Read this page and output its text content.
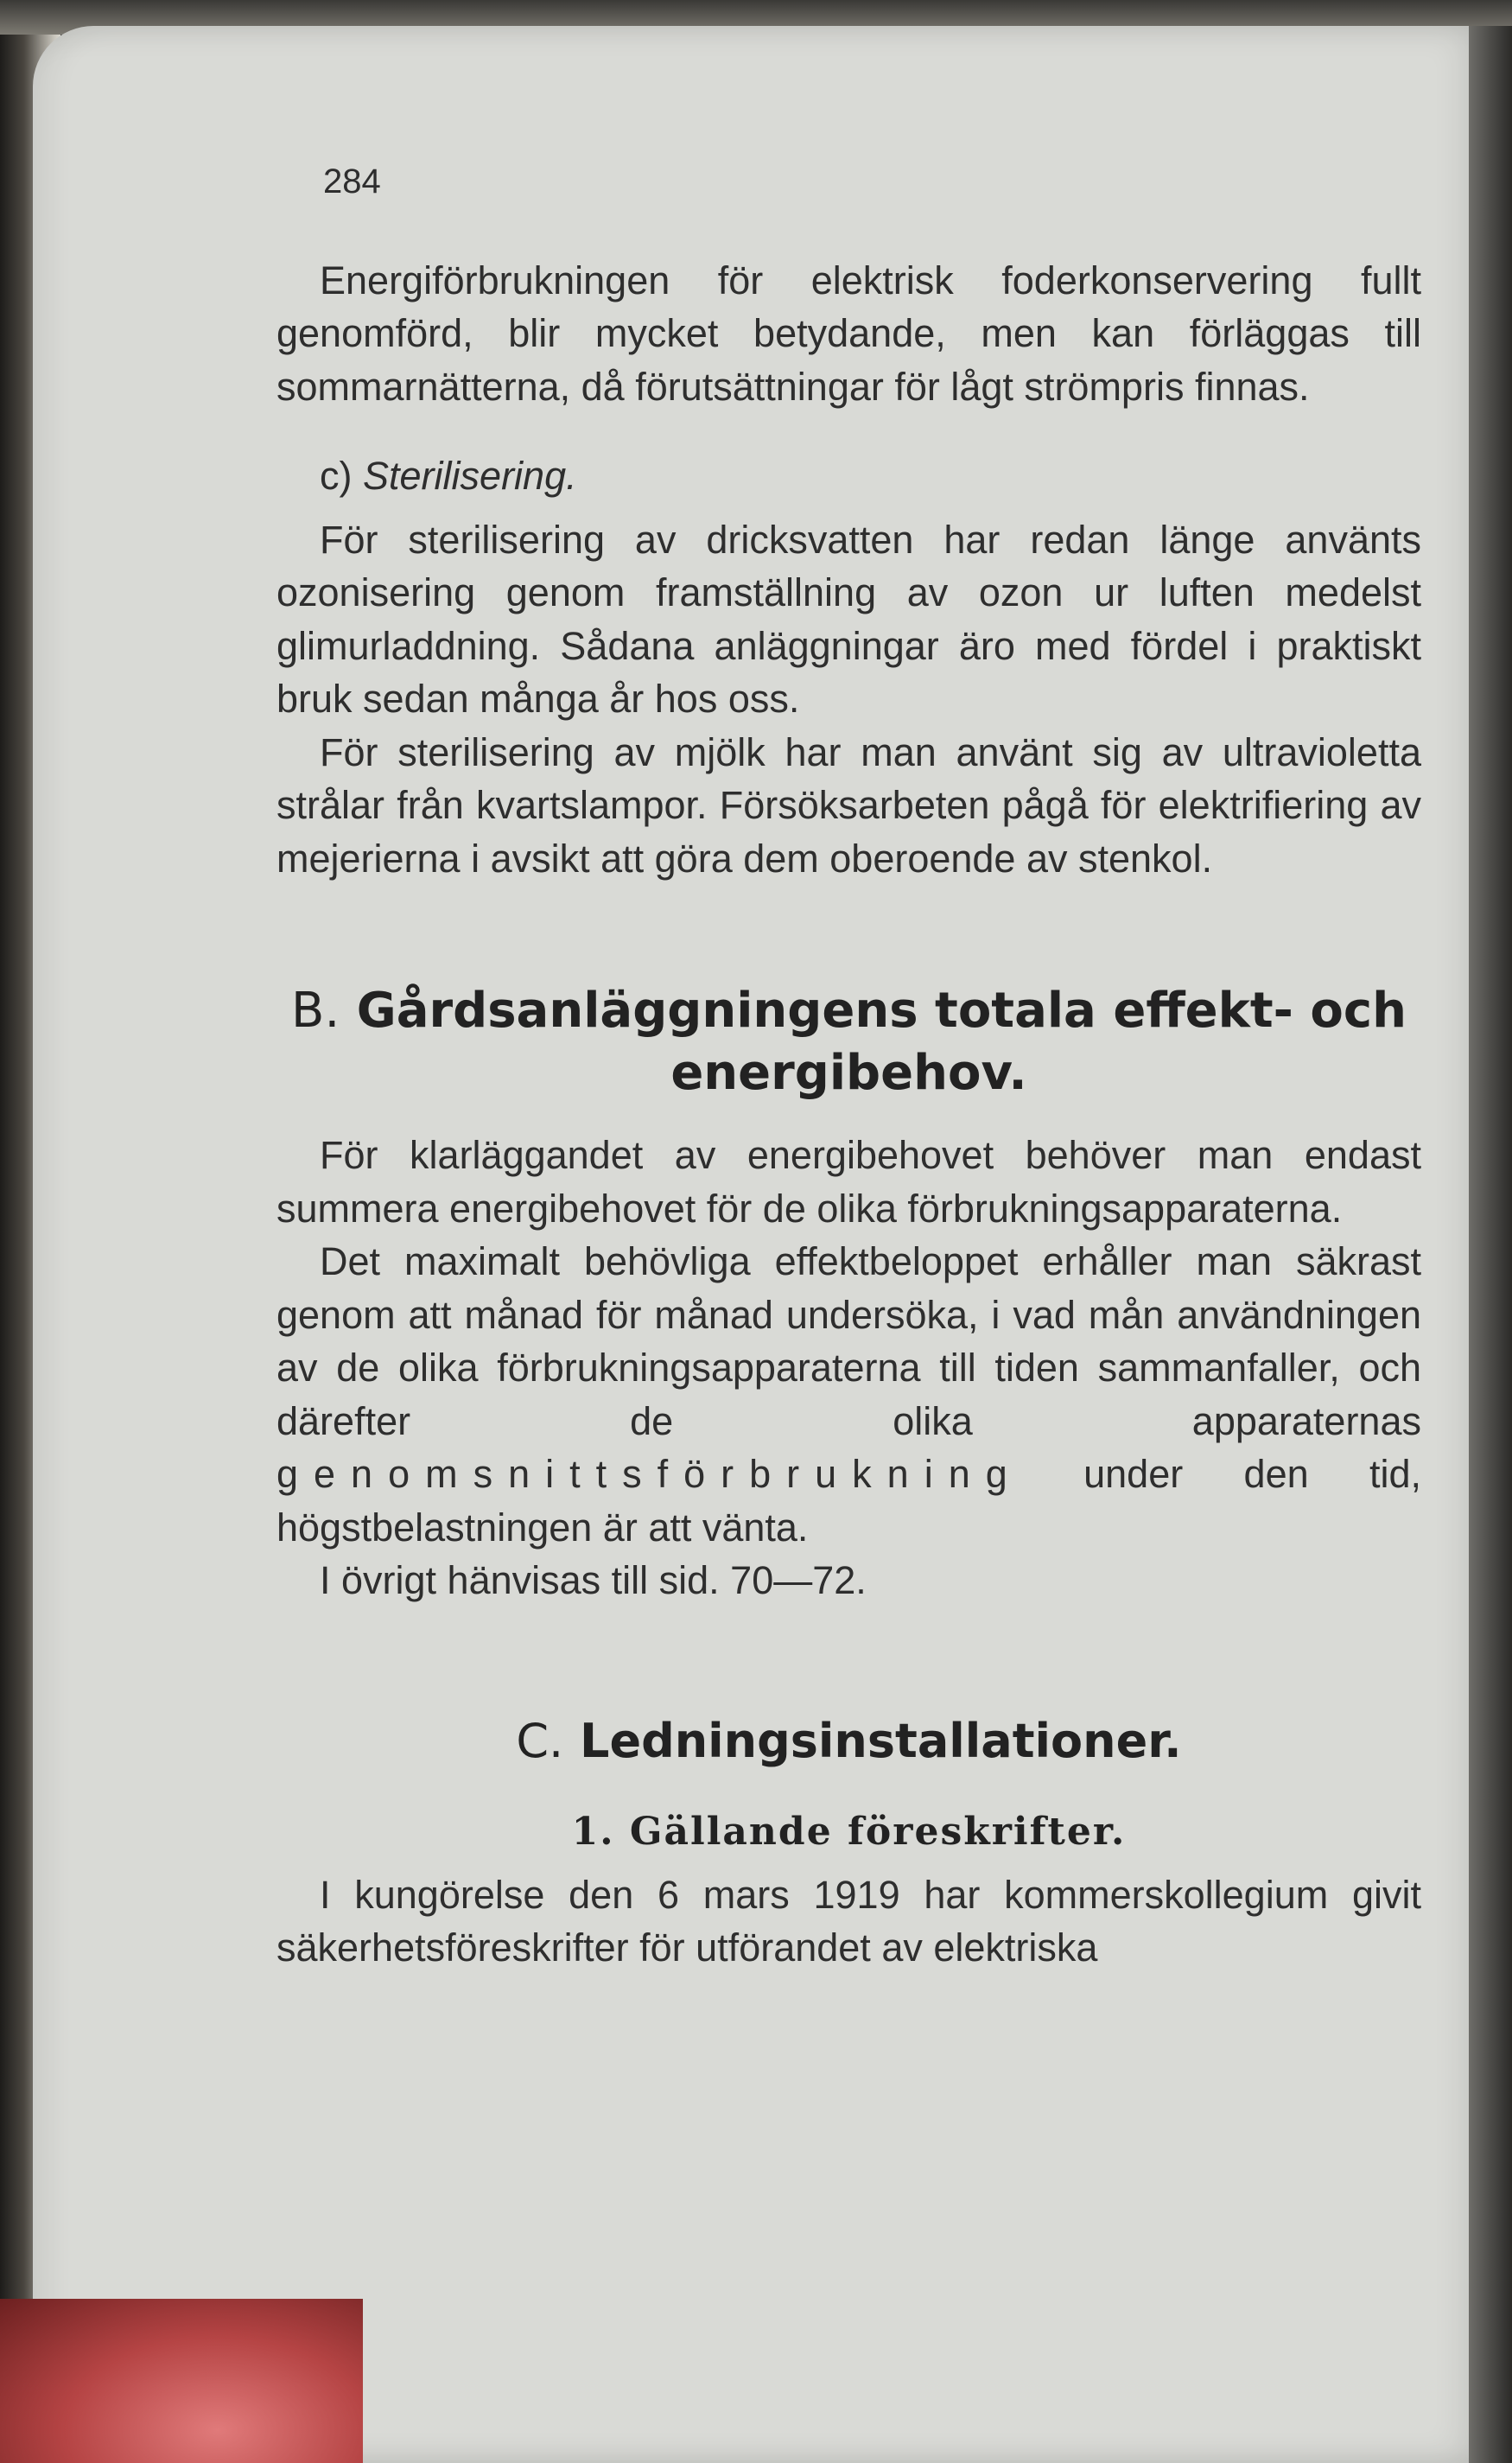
284

Energiförbrukningen för elektrisk foderkonservering fullt genomförd, blir mycket betydande, men kan förläggas till sommarnätterna, då förutsättningar för lågt strömpris finnas.

c) Sterilisering.

För sterilisering av dricksvatten har redan länge använts ozonisering genom framställning av ozon ur luften medelst glimurladdning. Sådana anläggningar äro med fördel i praktiskt bruk sedan många år hos oss.

För sterilisering av mjölk har man använt sig av ultravioletta strålar från kvartslampor. Försöksarbeten pågå för elektrifiering av mejerierna i avsikt att göra dem oberoende av stenkol.

B. Gårdsanläggningens totala effekt- och energibehov.

För klarläggandet av energibehovet behöver man endast summera energibehovet för de olika förbrukningsapparaterna.

Det maximalt behövliga effektbeloppet erhåller man säkrast genom att månad för månad undersöka, i vad mån användningen av de olika förbrukningsapparaterna till tiden sammanfaller, och därefter de olika apparaternas genomsnittsförbrukning under den tid, högstbelastningen är att vänta.

I övrigt hänvisas till sid. 70—72.

C. Ledningsinstallationer.
1. Gällande föreskrifter.

I kungörelse den 6 mars 1919 har kommerskollegium givit säkerhetsföreskrifter för utförandet av elektriska
